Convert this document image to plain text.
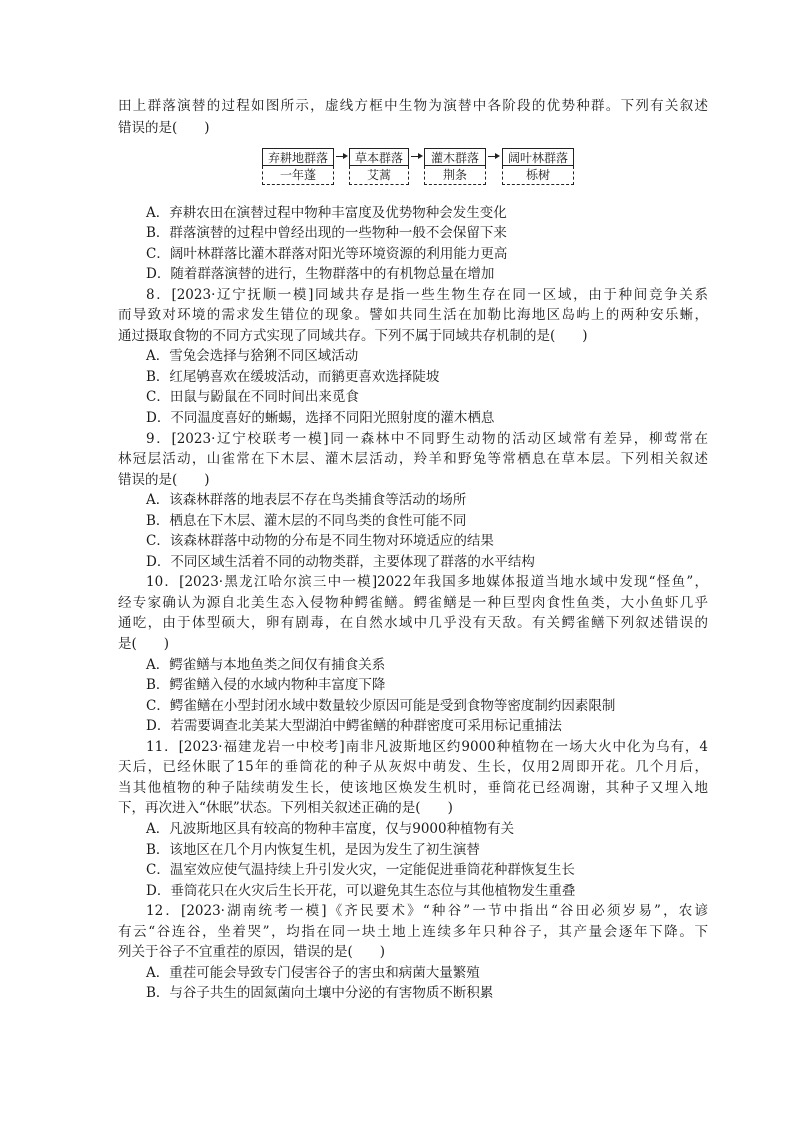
田上群落演替的过程如图所示，虚线方框中生物为演替中各阶段的优势种群。下列有关叙述
错误的是(　　)
弃耕地群落
一年蓬
草本群落
艾蒿
灌木群落
荆条
阔叶林群落
栎树
A．弃耕农田在演替过程中物种丰富度及优势物种会发生变化
B．群落演替的过程中曾经出现的一些物种一般不会保留下来
C．阔叶林群落比灌木群落对阳光等环境资源的利用能力更高
D．随着群落演替的进行，生物群落中的有机物总量在增加
8．[2023·辽宁抚顺一模]同域共存是指一些生物生存在同一区域，由于种间竞争关系
而导致对环境的需求发生错位的现象。譬如共同生活在加勒比海地区岛屿上的两种安乐蜥，
通过摄取食物的不同方式实现了同域共存。下列不属于同域共存机制的是(　　)
A．雪兔会选择与猞猁不同区域活动
B．红尾鸲喜欢在缓坡活动，而鹟更喜欢选择陡坡
C．田鼠与鼢鼠在不同时间出来觅食
D．不同温度喜好的蜥蜴，选择不同阳光照射度的灌木栖息
9．[2023·辽宁校联考一模]同一森林中不同野生动物的活动区域常有差异，柳莺常在
林冠层活动，山雀常在下木层、灌木层活动，羚羊和野兔等常栖息在草本层。下列相关叙述
错误的是(　　)
A．该森林群落的地表层不存在鸟类捕食等活动的场所
B．栖息在下木层、灌木层的不同鸟类的食性可能不同
C．该森林群落中动物的分布是不同生物对环境适应的结果
D．不同区域生活着不同的动物类群，主要体现了群落的水平结构
10．[2023·黑龙江哈尔滨三中一模]2022年我国多地媒体报道当地水域中发现“怪鱼”，
经专家确认为源自北美生态入侵物种鳄雀鳝。鳄雀鳝是一种巨型肉食性鱼类，大小鱼虾几乎
通吃，由于体型硕大，卵有剧毒，在自然水域中几乎没有天敌。有关鳄雀鳝下列叙述错误的
是(　　)
A．鳄雀鳝与本地鱼类之间仅有捕食关系
B．鳄雀鳝入侵的水域内物种丰富度下降
C．鳄雀鳝在小型封闭水域中数量较少原因可能是受到食物等密度制约因素限制
D．若需要调查北美某大型湖泊中鳄雀鳝的种群密度可采用标记重捕法
11．[2023·福建龙岩一中校考]南非凡波斯地区约9000种植物在一场大火中化为乌有，4
天后，已经休眠了15年的垂筒花的种子从灰烬中萌发、生长，仅用2周即开花。几个月后，
当其他植物的种子陆续萌发生长，使该地区焕发生机时，垂筒花已经凋谢，其种子又埋入地
下，再次进入“休眠”状态。下列相关叙述正确的是(　　)
A．凡波斯地区具有较高的物种丰富度，仅与9000种植物有关
B．该地区在几个月内恢复生机，是因为发生了初生演替
C．温室效应使气温持续上升引发火灾，一定能促进垂筒花种群恢复生长
D．垂筒花只在火灾后生长开花，可以避免其生态位与其他植物发生重叠
12．[2023·湖南统考一模]《齐民要术》“种谷”一节中指出“谷田必须岁易”，农谚
有云“谷连谷，坐着哭”，均指在同一块土地上连续多年只种谷子，其产量会逐年下降。下
列关于谷子不宜重茬的原因，错误的是(　　)
A．重茬可能会导致专门侵害谷子的害虫和病菌大量繁殖
B．与谷子共生的固氮菌向土壤中分泌的有害物质不断积累
